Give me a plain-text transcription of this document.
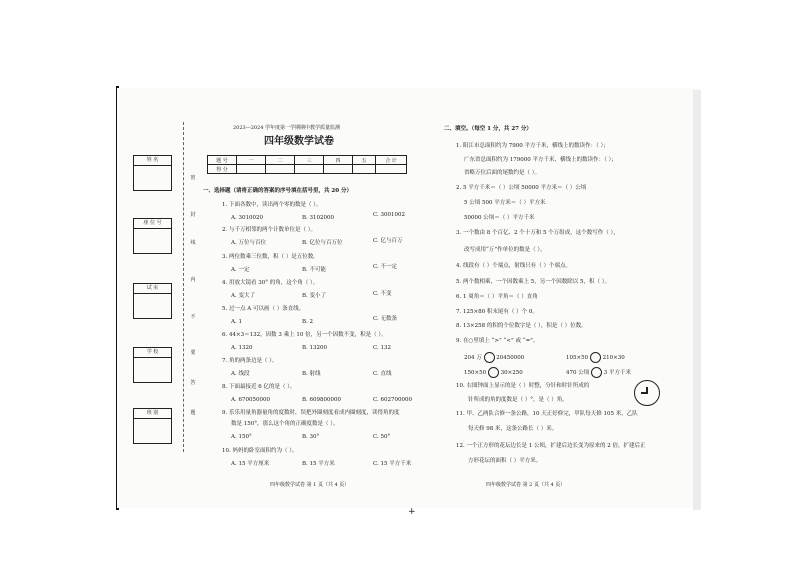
姓 名
座 位 号
试 室
学 校
班 别
密
封
线
内
不
要
答
题
2023—2024 学年度第一学期期中教学质量监测
四年级数学试卷
题 号	一	二	三	四	五	合 计
得 分						
一、选择题（请将正确的答案的序号填在括号里，共 20 分）
1. 下面各数中，读出两个零的数是（ ）。
A. 3010020	B. 3102000	C. 3001002
2. 与千万相邻的两个计数单位是（ ）。
A. 万位与百位	B. 亿位与百万位	C. 亿与百万
3. 两位数乘三位数，积（ ）是五位数。
A. 一定	B. 不可能	C. 不一定
4. 用放大镜看 30° 的角，这个角（ ）。
A. 变大了	B. 变小了	C. 不变
5. 过一点 A 可以画（ ）条直线。
A. 1	B. 2	C. 无数条
6. 44×3＝132，因数 3 乘上 10 倍，另一个因数不变，积是（ ）。
A. 1320	B. 13200	C. 132
7. 角的两条边是（ ）。
A. 线段	B. 射线	C. 直线
8. 下面最接近 6 亿的是（ ）。
A. 670050000	B. 609800000	C. 602700000
9. 乐乐用量角器量角的度数时，误把外圈刻度看成内圈刻度，读得角的度
数是 150°，那么这个角的正确度数是（ ）。
A. 150°	B. 30°	C. 50°
10. 妈妈的卧室面积约为（ ）。
A. 15 平方厘米	B. 15 平方米	C. 15 平方千米
四年级数学试卷 第 1 页（共 4 页）
二、填空。（每空 1 分，共 27 分）
1. 阳江市总面积约为 7900 平方千米，横线上的数读作：（ ）；
广东省总面积约为 179000 平方千米，横线上的数读作：（ ）；
省略万位后面的尾数约是（ ）。
2. 5 平方千米＝（ ）公顷 50000 平方米＝（ ）公顷
5 公顷 500 平方米＝（ ）平方米
50000 公顷＝（ ）平方千米
3. 一个数由 8 个百亿、2 个十万和 5 个万组成，这个数写作（ ），
改写成用“万”作单位的数是（ ）。
4. 线段有（ ）个端点，射线只有（ ）个端点。
5. 两个数相乘，一个因数乘上 5，另一个因数除以 5，积（ ）。
6. 1 周角＝（ ）平角＝（ ）直角
7. 125×80 积末尾有（ ）个 0。
8. 13×258 的积的个位数字是（ ），积是（ ）位数。
9. 在○里填上 “>” “<” 或 “=”。
204 万	20450000	105×50	210×30
150×50	30×250	470 公顷	3 平方千米
10. 右图钟面上显示的是（ ）时整，分针和时针所成的
针所成的角的度数是（ ）°，是（ ）角。
11. 甲、乙两队合修一条公路，10 天正好修完，甲队每天修 105 米，乙队
每天修 98 米，这条公路长（ ）米。
12. 一个正方形的花坛边长是 1 公顷，扩建后边长变为原来的 2 倍，扩建后正
方形花坛的面积（ ）平方米。
四年级数学试卷 第 2 页（共 4 页）
+
